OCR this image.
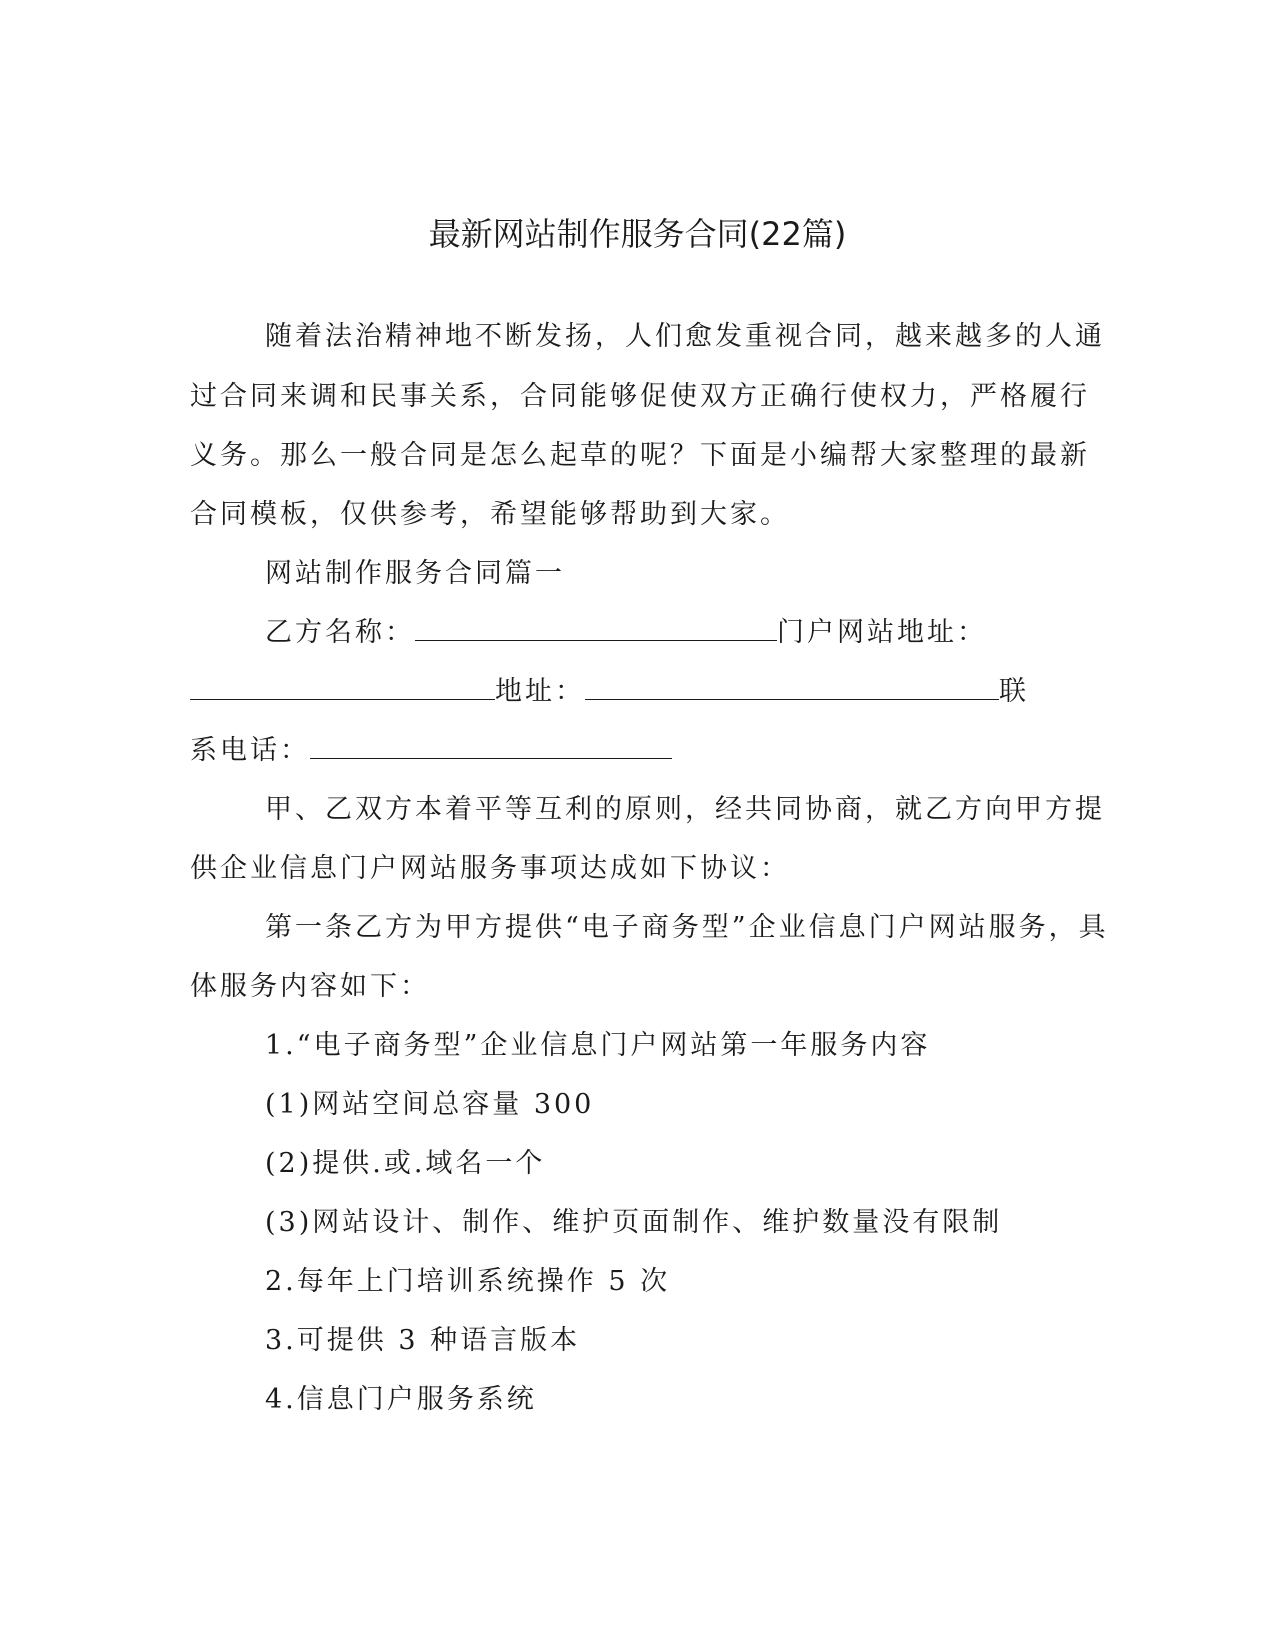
最新网站制作服务合同(22篇)
随着法治精神地不断发扬，人们愈发重视合同，越来越多的人通
过合同来调和民事关系，合同能够促使双方正确行使权力，严格履行
义务。那么一般合同是怎么起草的呢？下面是小编帮大家整理的最新
合同模板，仅供参考，希望能够帮助到大家。
网站制作服务合同篇一
乙方名称：	门户网站地址：
地址：	联
系电话：
甲、乙双方本着平等互利的原则，经共同协商，就乙方向甲方提
供企业信息门户网站服务事项达成如下协议：
第一条乙方为甲方提供“电子商务型”企业信息门户网站服务，具
体服务内容如下：
1.“电子商务型”企业信息门户网站第一年服务内容
(1)网站空间总容量 300
(2)提供.或.域名一个
(3)网站设计、制作、维护页面制作、维护数量没有限制
2.每年上门培训系统操作 5 次
3.可提供 3 种语言版本
4.信息门户服务系统
